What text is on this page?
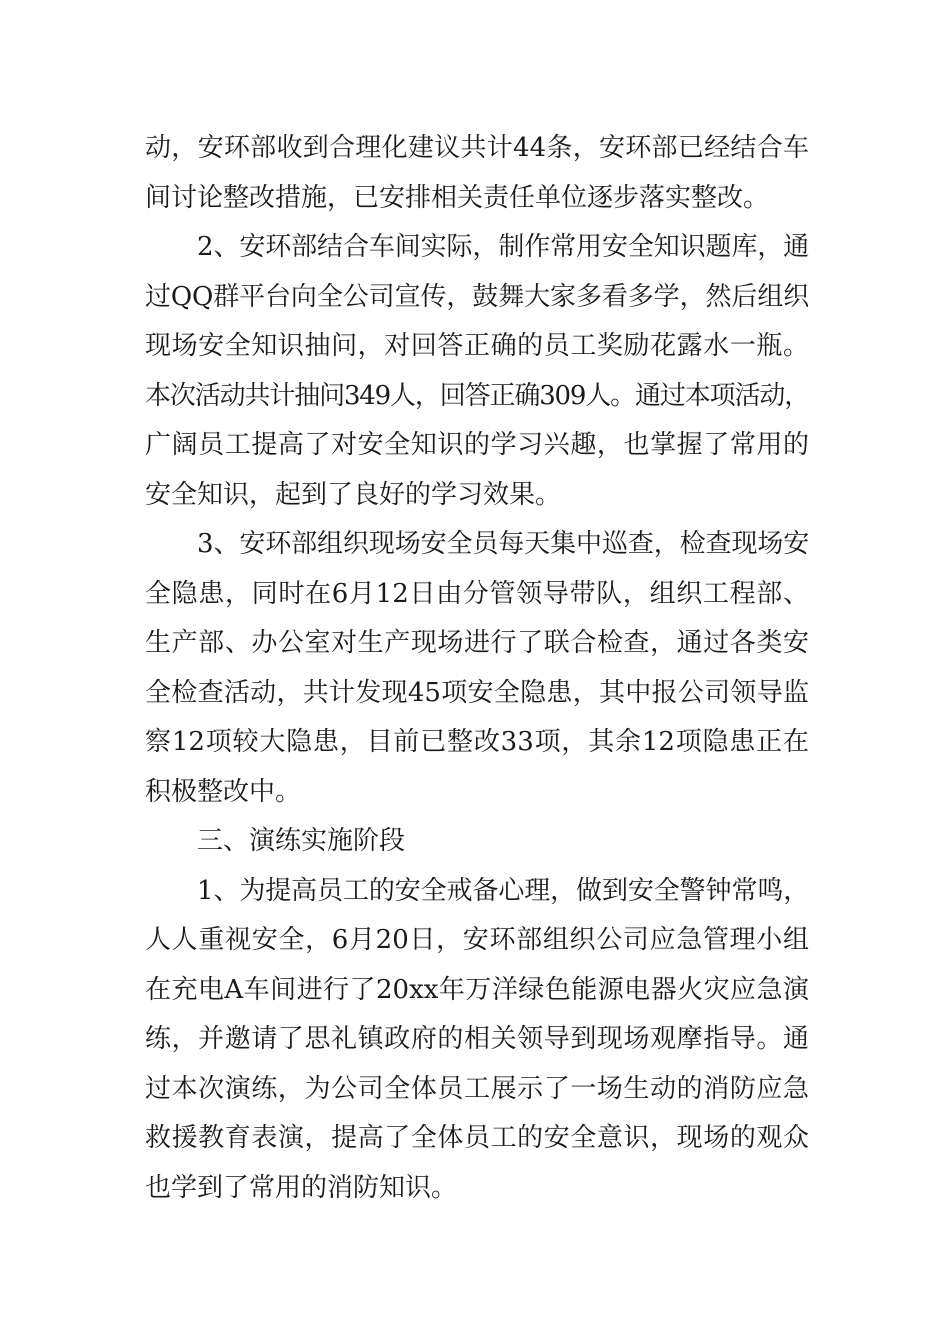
动，安环部收到合理化建议共计44条，安环部已经结合车
间讨论整改措施，已安排相关责任单位逐步落实整改。
2、安环部结合车间实际，制作常用安全知识题库，通
过QQ群平台向全公司宣传，鼓舞大家多看多学，然后组织
现场安全知识抽问，对回答正确的员工奖励花露水一瓶。
本次活动共计抽问349人，回答正确309人。通过本项活动，
广阔员工提高了对安全知识的学习兴趣，也掌握了常用的
安全知识，起到了良好的学习效果。
3、安环部组织现场安全员每天集中巡查，检查现场安
全隐患，同时在6月12日由分管领导带队，组织工程部、
生产部、办公室对生产现场进行了联合检查，通过各类安
全检查活动，共计发现45项安全隐患，其中报公司领导监
察12项较大隐患，目前已整改33项，其余12项隐患正在
积极整改中。
三、演练实施阶段
1、为提高员工的安全戒备心理，做到安全警钟常鸣，
人人重视安全，6月20日，安环部组织公司应急管理小组
在充电A车间进行了20xx年万洋绿色能源电器火灾应急演
练，并邀请了思礼镇政府的相关领导到现场观摩指导。通
过本次演练，为公司全体员工展示了一场生动的消防应急
救援教育表演，提高了全体员工的安全意识，现场的观众
也学到了常用的消防知识。
